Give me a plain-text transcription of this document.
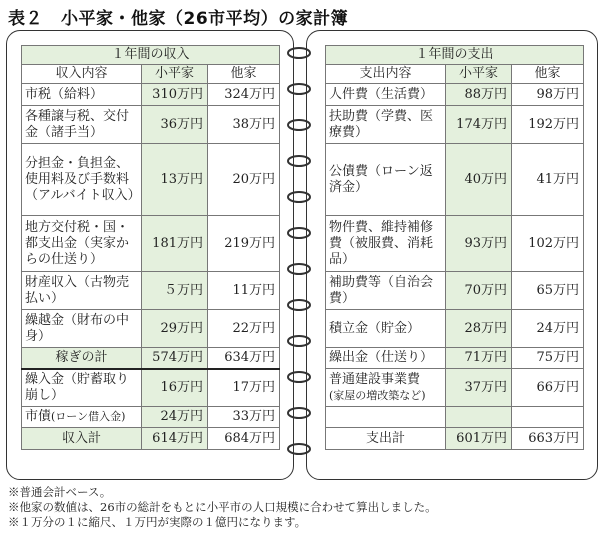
表２ 小平家・他家（26市平均）の家計簿
１年間の収入		
収入内容	小平家	他家
市税（給料）	310万円	324万円
各種譲与税、交付金（諸手当）	36万円	38万円
分担金・負担金、使用料及び手数料（アルバイト収入）	13万円	20万円
地方交付税・国・都支出金（実家からの仕送り）	181万円	219万円
財産収入（古物売払い）	５万円	11万円
繰越金（財布の中身）	29万円	22万円
稼ぎの計	574万円	634万円
繰入金（貯蓄取り崩し）	16万円	17万円
市債(ローン借入金)	24万円	33万円
収入計	614万円	684万円
１年間の支出		
支出内容	小平家	他家
人件費（生活費）	88万円	98万円
扶助費（学費、医療費）	174万円	192万円
公債費（ローン返済金）	40万円	41万円
物件費、維持補修費（被服費、消耗品）	93万円	102万円
補助費等（自治会費）	70万円	65万円
積立金（貯金）	28万円	24万円
繰出金（仕送り）	71万円	75万円
普通建設事業費
(家屋の増改築など)	37万円	66万円

支出計	601万円	663万円
※普通会計ベース。
※他家の数値は、26市の総計をもとに小平市の人口規模に合わせて算出しました。
※１万分の１に縮尺、１万円が実際の１億円になります。
